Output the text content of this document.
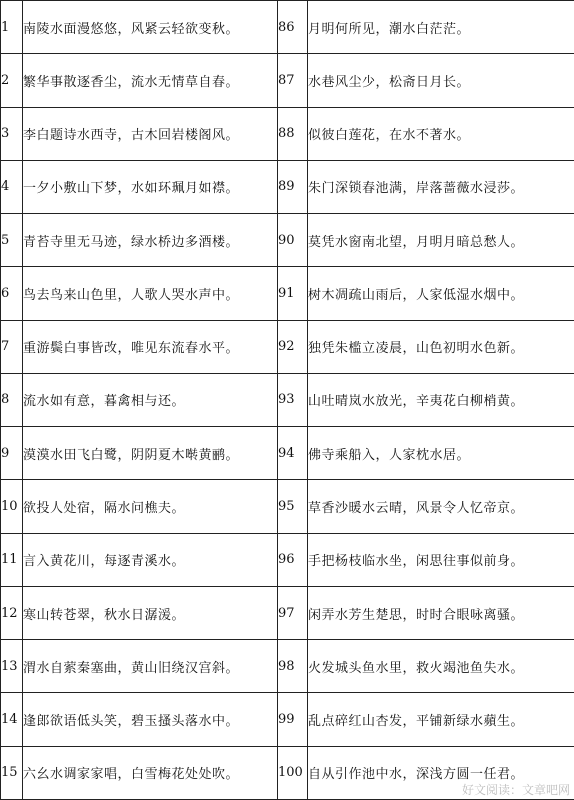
1	南陵水面漫悠悠，风紧云轻欲变秋。	86	月明何所见，潮水白茫茫。
2	繁华事散逐香尘，流水无情草自春。	87	水巷风尘少，松斋日月长。
3	李白题诗水西寺，古木回岩楼阁风。	88	似彼白莲花，在水不著水。
4	一夕小敷山下梦，水如环珮月如襟。	89	朱门深锁春池满，岸落蔷薇水浸莎。
5	青苔寺里无马迹，绿水桥边多酒楼。	90	莫凭水窗南北望，月明月暗总愁人。
6	鸟去鸟来山色里，人歌人哭水声中。	91	树木凋疏山雨后，人家低湿水烟中。
7	重游鬓白事皆改，唯见东流春水平。	92	独凭朱槛立凌晨，山色初明水色新。
8	流水如有意，暮禽相与还。	93	山吐晴岚水放光，辛夷花白柳梢黄。
9	漠漠水田飞白鹭，阴阴夏木啭黄鹂。	94	佛寺乘船入，人家枕水居。
10	欲投人处宿，隔水问樵夫。	95	草香沙暖水云晴，风景令人忆帝京。
11	言入黄花川，每逐青溪水。	96	手把杨枝临水坐，闲思往事似前身。
12	寒山转苍翠，秋水日潺湲。	97	闲弄水芳生楚思，时时合眼咏离骚。
13	渭水自萦秦塞曲，黄山旧绕汉宫斜。	98	火发城头鱼水里，救火竭池鱼失水。
14	逢郎欲语低头笑，碧玉搔头落水中。	99	乱点碎红山杏发，平铺新绿水蘋生。
15	六幺水调家家唱，白雪梅花处处吹。	100	自从引作池中水，深浅方圆一任君。
好文阅读：文章吧网
